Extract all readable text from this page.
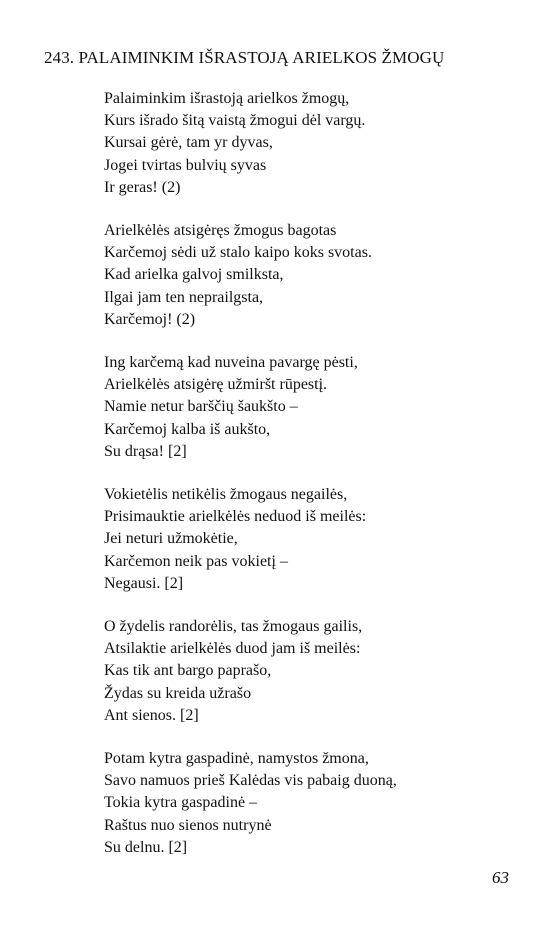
243. PALAIMINKIM IŠRASTOJĄ ARIELKOS ŽMOGŲ
Palaiminkim išrastoją arielkos žmogų,
Kurs išrado šitą vaistą žmogui dėl vargų.
Kursai gėrė, tam yr dyvas,
Jogei tvirtas bulvių syvas
Ir geras! (2)
Arielkėlės atsigėręs žmogus bagotas
Karčemoj sėdi už stalo kaipo koks svotas.
Kad arielka galvoj smilksta,
Ilgai jam ten neprailgsta,
Karčemoj! (2)
Ing karčemą kad nuveina pavargę pėsti,
Arielkėlės atsigėrę užmiršt rūpestį.
Namie netur barščių šaukšto –
Karčemoj kalba iš aukšto,
Su drąsa! [2]
Vokietėlis netikėlis žmogaus negailės,
Prisimauktie arielkėlės neduod iš meilės:
Jei neturi užmokėtie,
Karčemon neik pas vokietį –
Negausi. [2]
O žydelis randorėlis, tas žmogaus gailis,
Atsilaktie arielkėlės duod jam iš meilės:
Kas tik ant bargo paprašo,
Žydas su kreida užrašo
Ant sienos. [2]
Potam kytra gaspadinė, namystos žmona,
Savo namuos prieš Kalėdas vis pabaig duoną,
Tokia kytra gaspadinė –
Raštus nuo sienos nutrynė
Su delnu. [2]
63
